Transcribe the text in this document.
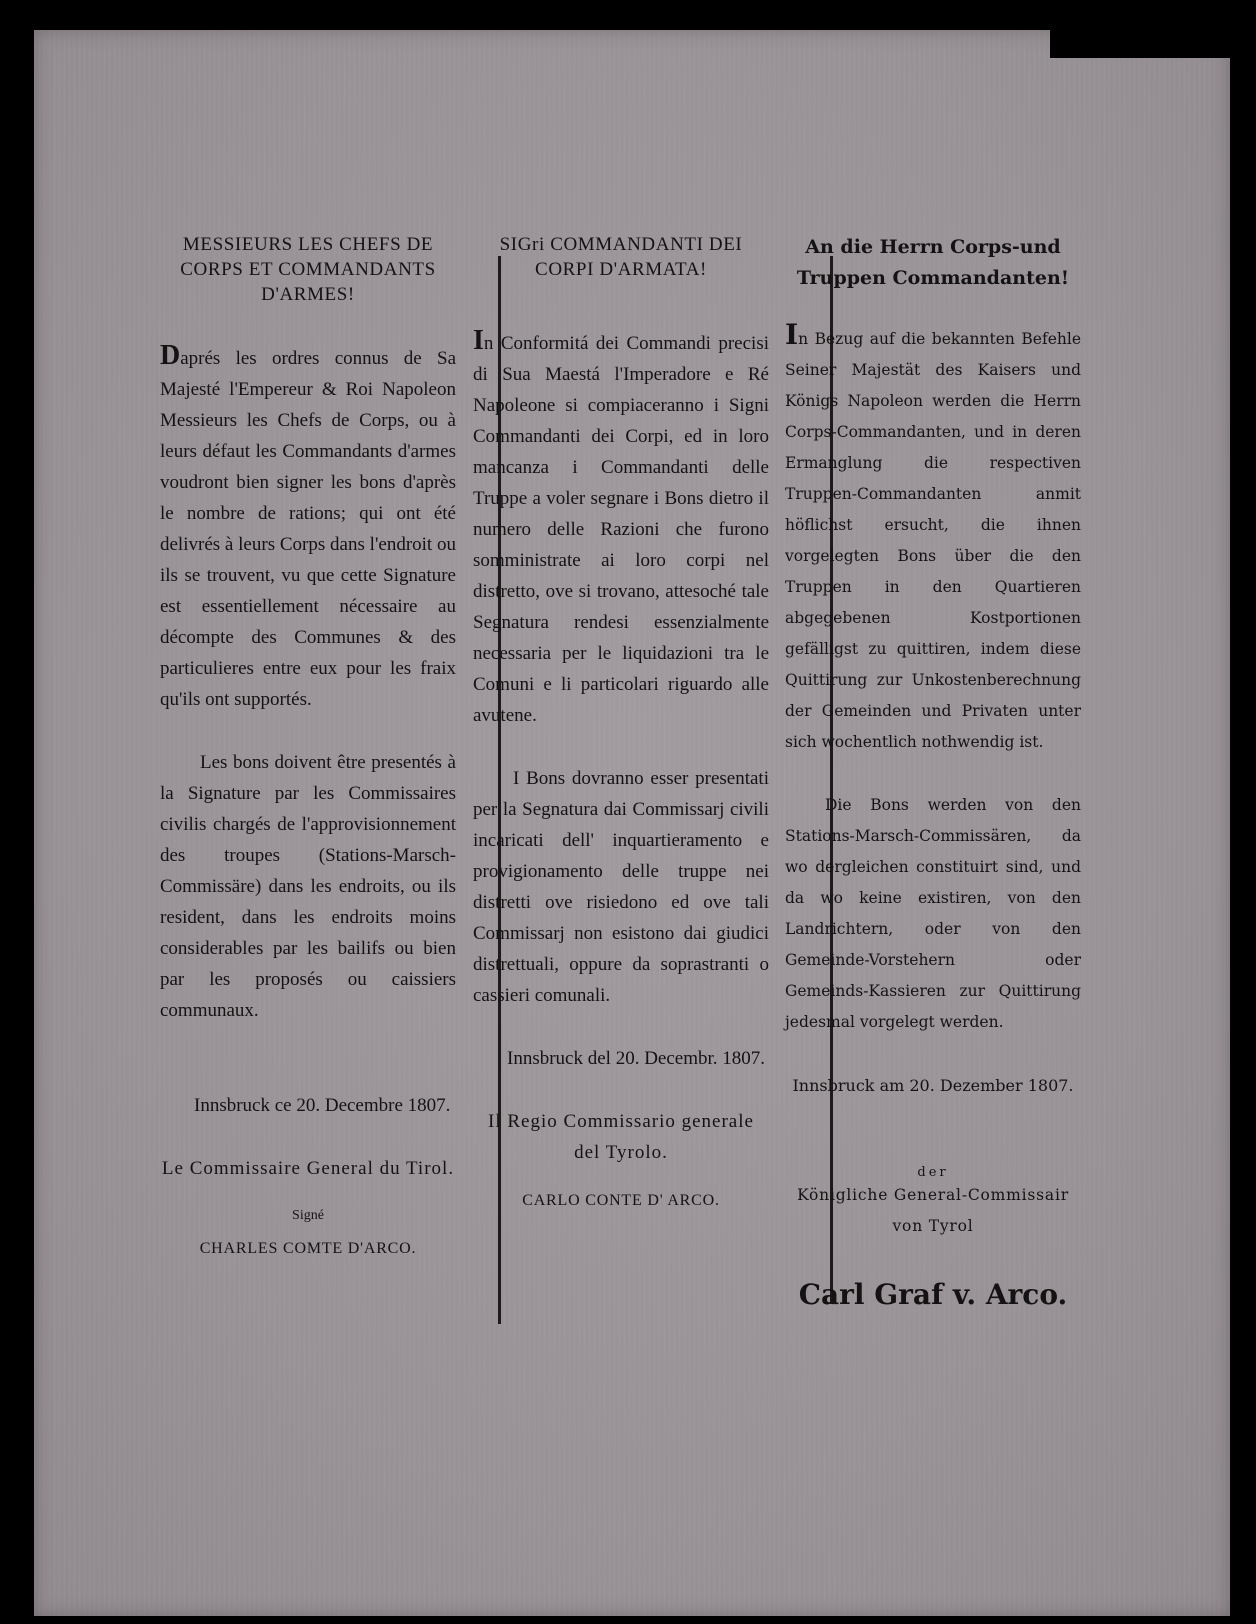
MESSIEURS LES CHEFS DE CORPS ET COMMANDANTS D'ARMES!

Daprés les ordres connus de Sa Majesté l'Empereur & Roi Napoleon Messieurs les Chefs de Corps, ou à leurs défaut les Commandants d'armes voudront bien signer les bons d'après le nombre de rations; qui ont été delivrés à leurs Corps dans l'endroit ou ils se trouvent, vu que cette Signature est essentiellement nécessaire au décompte des Communes & des particulieres entre eux pour les fraix qu'ils ont supportés.

Les bons doivent être presentés à la Signature par les Commissaires civilis chargés de l'approvisionnement des troupes (Stations-Marsch-Commissäre) dans les endroits, ou ils resident, dans les endroits moins considerables par les bailifs ou bien par les proposés ou caissiers communaux.

Innsbruck ce 20. Decembre 1807.

Le Commissaire General du Tirol.

Signé

CHARLES COMTE D'ARCO.

SIGri COMMANDANTI DEI CORPI D'ARMATA!

In Conformitá dei Commandi precisi di Sua Maestá l'Imperadore e Ré Napoleone si compiaceranno i Signi Commandanti dei Corpi, ed in loro mancanza i Commandanti delle Truppe a voler segnare i Bons dietro il numero delle Razioni che furono somministrate ai loro corpi nel distretto, ove si trovano, attesoché tale Segnatura rendesi essenzialmente necessaria per le liquidazioni tra le Comuni e li particolari riguardo alle avutene.

I Bons dovranno esser presentati per la Segnatura dai Commissarj civili incaricati dell' inquartieramento e provigionamento delle truppe nei distretti ove risiedono ed ove tali Commissarj non esistono dai giudici distrettuali, oppure da soprastranti o cassieri comunali.

Innsbruck del 20. Decembr. 1807.

Il Regio Commissario generale del Tyrolo.

CARLO CONTE D' ARCO.

An die Herrn Corps-und Truppen Commandanten!

In Bezug auf die bekannten Befehle Seiner Majestät des Kaisers und Königs Napoleon werden die Herrn Corps-Commandanten, und in deren Ermanglung die respectiven Truppen-Commandanten anmit höflichst ersucht, die ihnen vorgelegten Bons über die den Truppen in den Quartieren abgegebenen Kostportionen gefälligst zu quittiren, indem diese Quittirung zur Unkostenberechnung der Gemeinden und Privaten unter sich wochentlich nothwendig ist.

Die Bons werden von den Stations-Marsch-Commissären, da wo dergleichen constituirt sind, und da wo keine existiren, von den Landrichtern, oder von den Gemeinde-Vorstehern oder Gemeinds-Kassieren zur Quittirung jedesmal vorgelegt werden.

Innsbruck am 20. Dezember 1807.

der

Königliche General-Commissair von Tyrol

Carl Graf v. Arco.
